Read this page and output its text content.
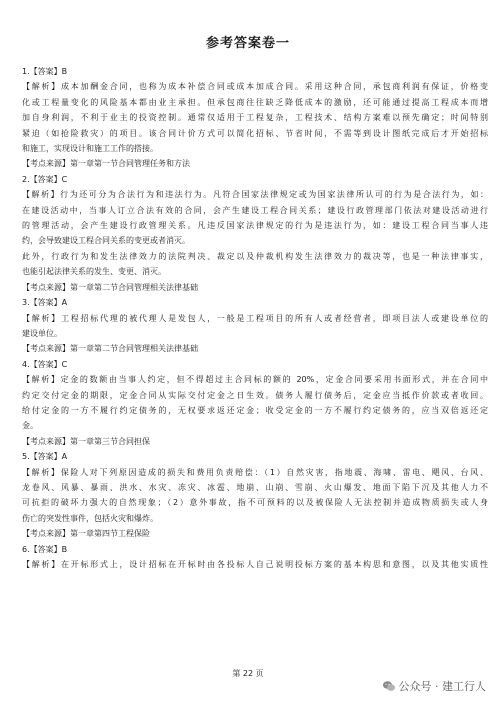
参考答案卷一
1.【答案】B
【解析】成本加酬金合同，也称为成本补偿合同或成本加成合同。采用这种合同，承包商利润有保证，价格变
化或工程量变化的风险基本都由业主承担。但承包商往往缺乏降低成本的激励，还可能通过提高工程成本而增
加自身利润，不利于业主的投资控制。通常仅适用于工程复杂，工程技术、结构方案难以预先确定；时间特别
紧迫（如抢险救灾）的项目。该合同计价方式可以简化招标、节省时间，不需等到设计图纸完成后才开始招标
和施工，实现设计和施工工作的搭接。
【考点来源】第一章第一节合同管理任务和方法
2.【答案】C
【解析】行为还可分为合法行为和违法行为。凡符合国家法律规定或为国家法律所认可的行为是合法行为，如：
在建设活动中，当事人订立合法有效的合同，会产生建设工程合同关系；建设行政管理部门依法对建设活动进行
的管理活动，会产生建设行政管理关系。凡违反国家法律规定的行为是违法行为，如：建设工程合同当事人违
约，会导致建设工程合同关系的变更或者消灭。
此外，行政行为和发生法律效力的法院判决、裁定以及仲裁机构发生法律效力的裁决等，也是一种法律事实，
也能引起法律关系的发生、变更、消灭。
【考点来源】第一章第二节合同管理相关法律基础
3.【答案】A
【解析】工程招标代理的被代理人是发包人，一般是工程项目的所有人或者经营者，即项目法人或建设单位的
建设单位。
【考点来源】第一章第二节合同管理相关法律基础
4.【答案】C
【解析】定金的数额由当事人约定，但不得超过主合同标的额的 20%，定金合同要采用书面形式，并在合同中
约定交付定金的期限，定金合同从实际交付定金之日生效。债务人履行债务后，定金应当抵作价款或者收回。
给付定金的一方不履行约定债务的，无权要求返还定金；收受定金的一方不履行约定债务的，应当双倍返还定
金。
【考点来源】第一章第三节合同担保
5.【答案】A
【解析】保险人对下列原因造成的损失和费用负责赔偿：（1）自然灾害，指地震、海啸、雷电、飓风、台风、
龙卷风、风暴、暴雨、洪水、水灾、冻灾、冰雹、地崩、山崩、雪崩、火山爆发、地面下陷下沉及其他人力不
可抗拒的破坏力强大的自然现象；（2）意外事故，指不可预料的以及被保险人无法控制并造成物质损失或人身
伤亡的突发性事件，包括火灾和爆炸。
【考点来源】第一章第四节工程保险
6.【答案】B
【解析】在开标形式上，设计招标在开标时由各投标人自己说明投标方案的基本构思和意图，以及其他实质性
第 22 页
公众号 · 建工行人
